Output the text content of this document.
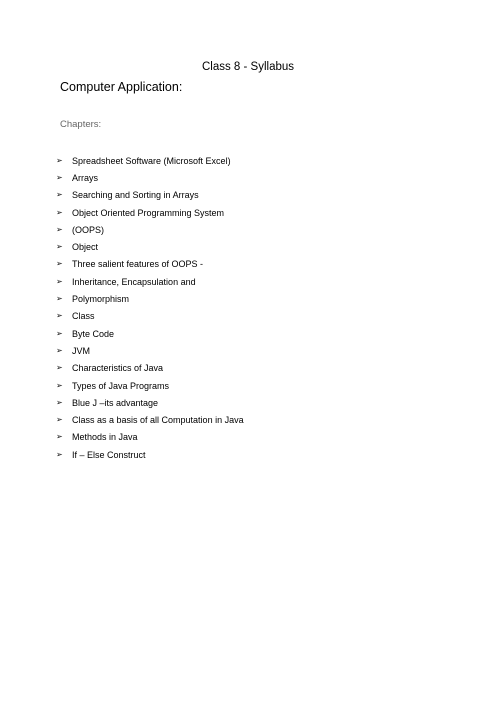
Class 8 - Syllabus
Computer Application:
Chapters:
➢	Spreadsheet Software (Microsoft Excel)
➢	Arrays
➢	Searching and Sorting in Arrays
➢	Object Oriented Programming System
➢	(OOPS)
➢	Object
➢	Three salient features of OOPS -
➢	Inheritance, Encapsulation and
➢	Polymorphism
➢	Class
➢	Byte Code
➢	JVM
➢	Characteristics of Java
➢	Types of Java Programs
➢	Blue J –its advantage
➢	Class as a basis of all Computation in Java
➢	Methods in Java
➢	If – Else Construct
